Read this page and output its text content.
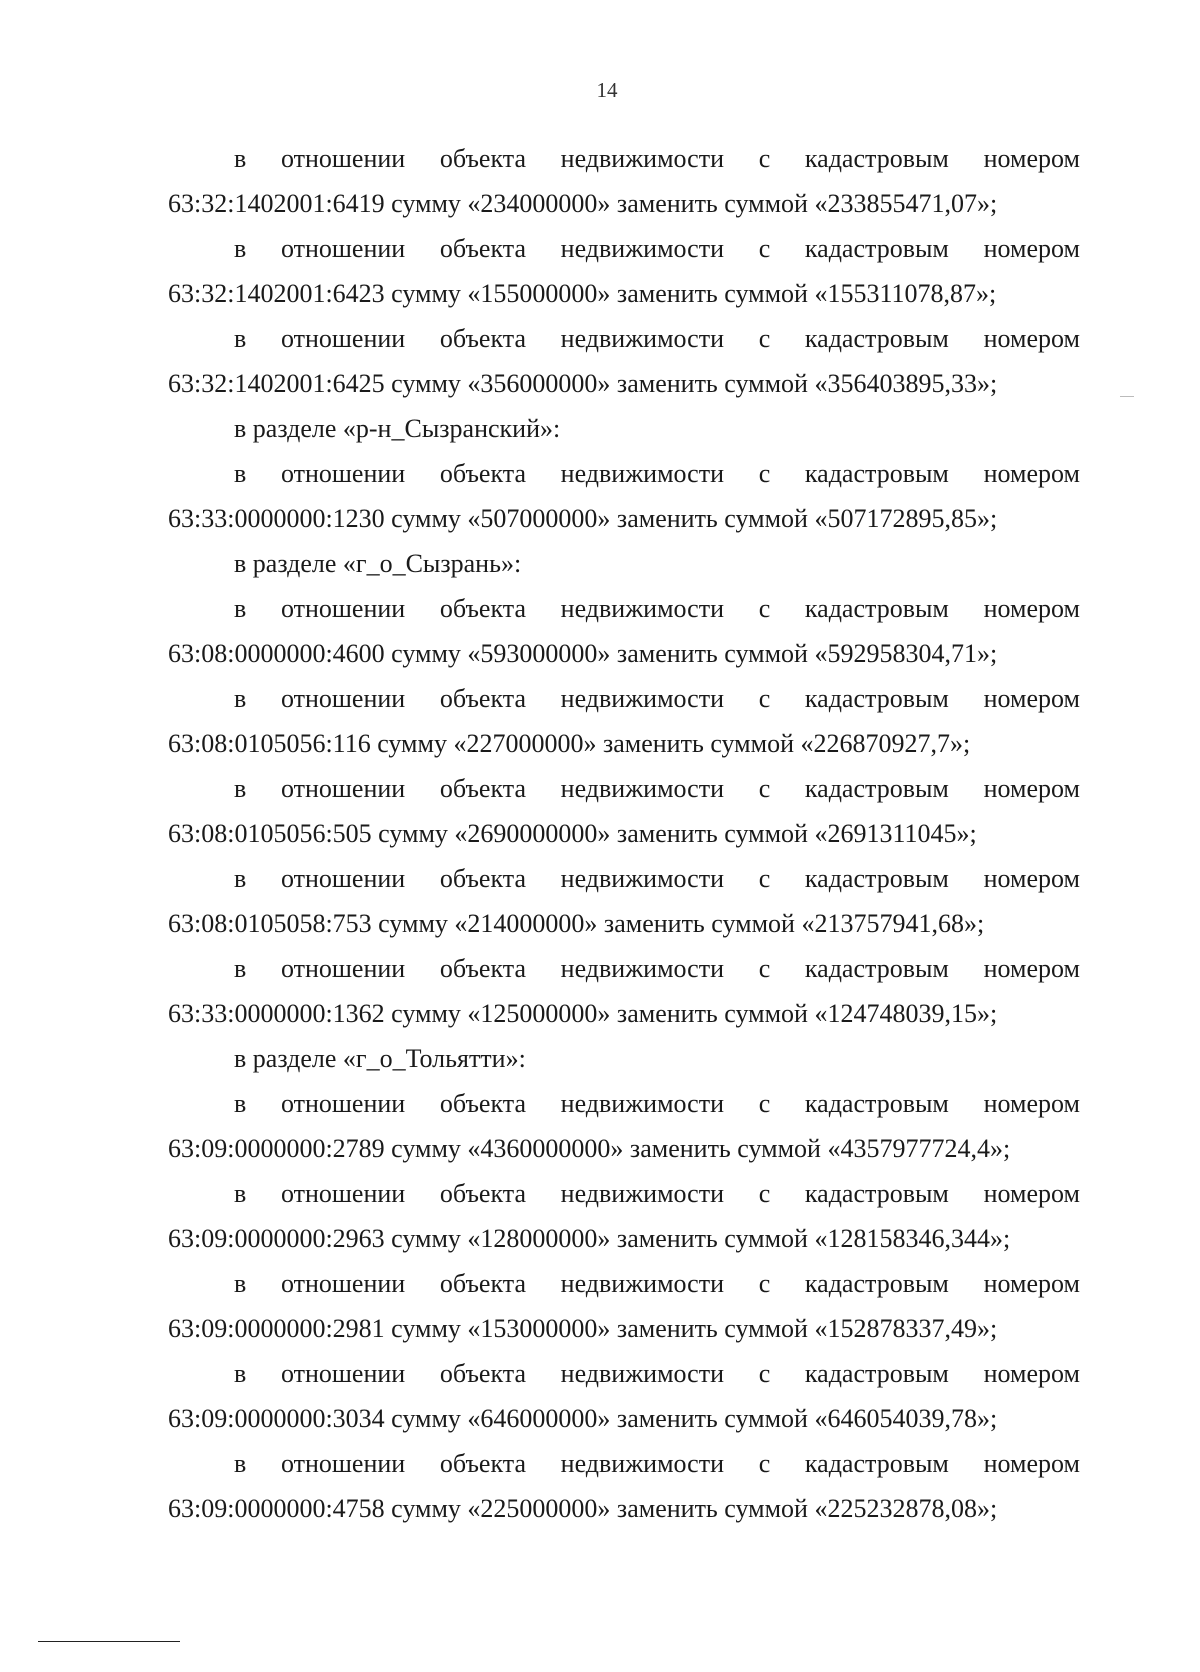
14
в отношении объекта недвижимости с кадастровым номером
63:32:1402001:6419 сумму «234000000» заменить суммой «233855471,07»;
в отношении объекта недвижимости с кадастровым номером
63:32:1402001:6423 сумму «155000000» заменить суммой «155311078,87»;
в отношении объекта недвижимости с кадастровым номером
63:32:1402001:6425 сумму «356000000» заменить суммой «356403895,33»;
в разделе «р-н_Сызранский»:
в отношении объекта недвижимости с кадастровым номером
63:33:0000000:1230 сумму «507000000» заменить суммой «507172895,85»;
в разделе «г_о_Сызрань»:
в отношении объекта недвижимости с кадастровым номером
63:08:0000000:4600 сумму «593000000» заменить суммой «592958304,71»;
в отношении объекта недвижимости с кадастровым номером
63:08:0105056:116 сумму «227000000» заменить суммой «226870927,7»;
в отношении объекта недвижимости с кадастровым номером
63:08:0105056:505 сумму «2690000000» заменить суммой «2691311045»;
в отношении объекта недвижимости с кадастровым номером
63:08:0105058:753 сумму «214000000» заменить суммой «213757941,68»;
в отношении объекта недвижимости с кадастровым номером
63:33:0000000:1362 сумму «125000000» заменить суммой «124748039,15»;
в разделе «г_о_Тольятти»:
в отношении объекта недвижимости с кадастровым номером
63:09:0000000:2789 сумму «4360000000» заменить суммой «4357977724,4»;
в отношении объекта недвижимости с кадастровым номером
63:09:0000000:2963 сумму «128000000» заменить суммой «128158346,344»;
в отношении объекта недвижимости с кадастровым номером
63:09:0000000:2981 сумму «153000000» заменить суммой «152878337,49»;
в отношении объекта недвижимости с кадастровым номером
63:09:0000000:3034 сумму «646000000» заменить суммой «646054039,78»;
в отношении объекта недвижимости с кадастровым номером
63:09:0000000:4758 сумму «225000000» заменить суммой «225232878,08»;
